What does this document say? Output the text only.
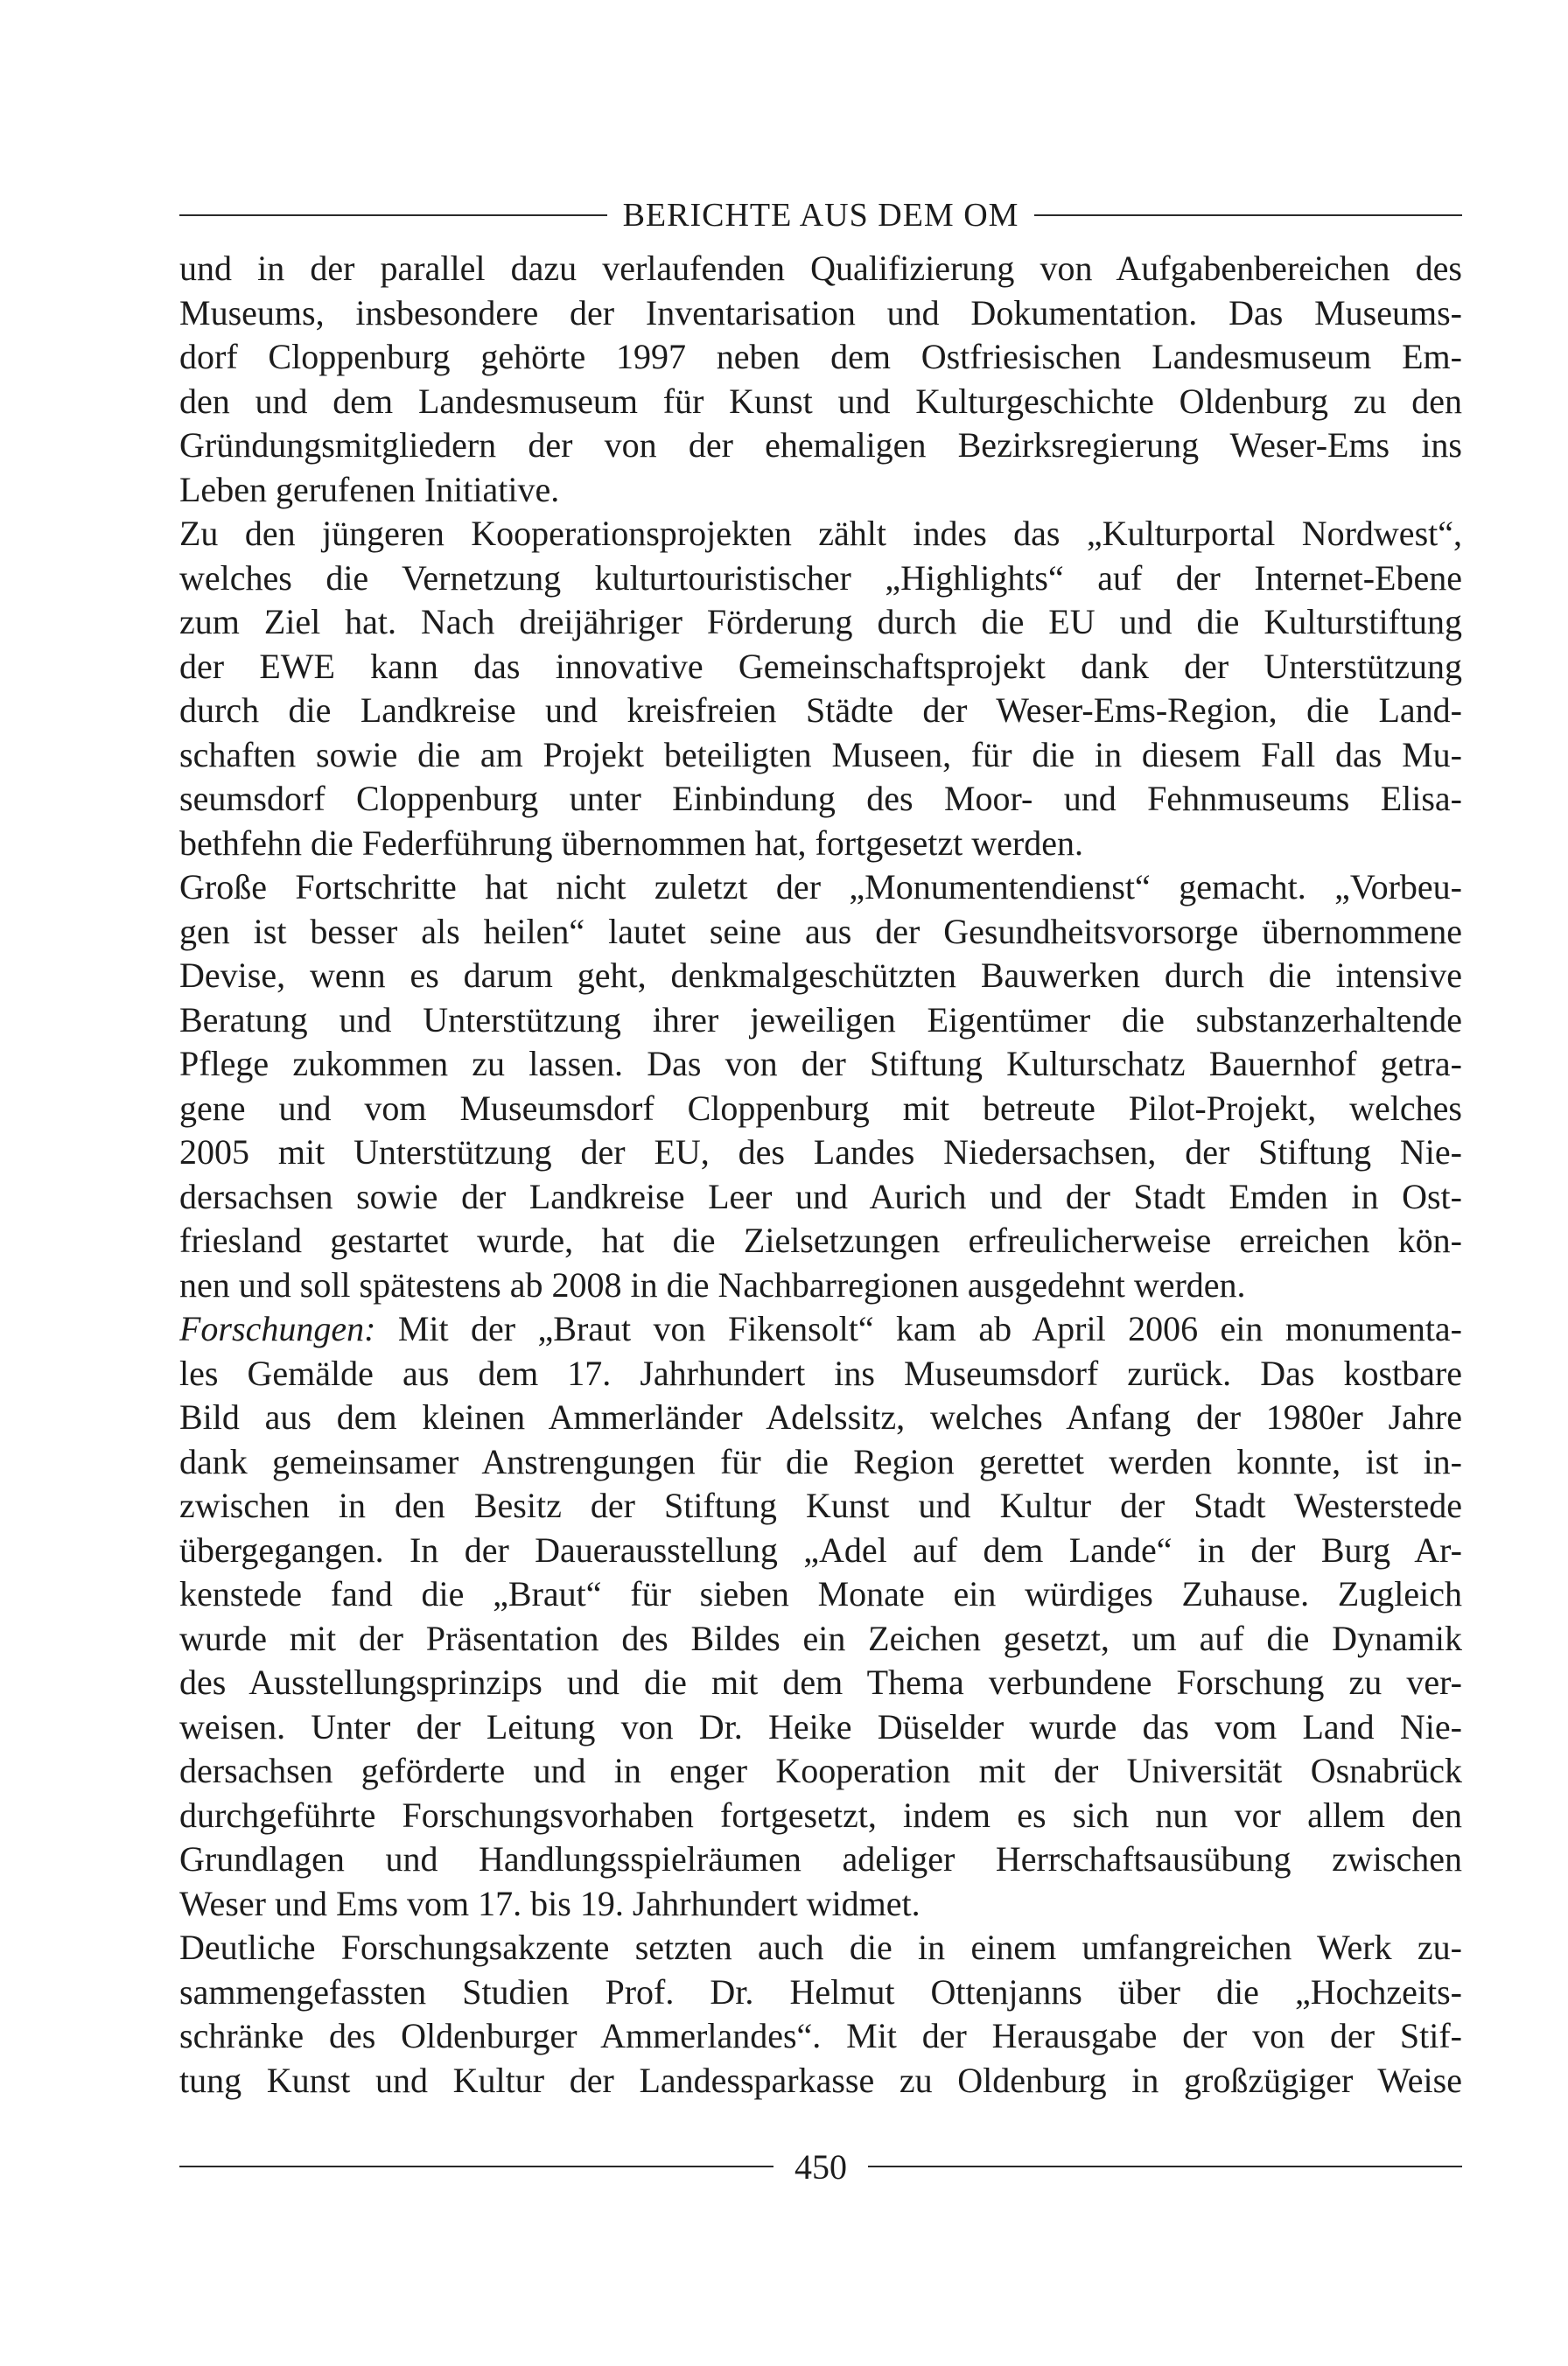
BERICHTE AUS DEM OM
und in der parallel dazu verlaufenden Qualifizierung von Aufgabenbereichen des
Museums, insbesondere der Inventarisation und Dokumentation. Das Museums-
dorf Cloppenburg gehörte 1997 neben dem Ostfriesischen Landesmuseum Em-
den und dem Landesmuseum für Kunst und Kulturgeschichte Oldenburg zu den
Gründungsmitgliedern der von der ehemaligen Bezirksregierung Weser-Ems ins
Leben gerufenen Initiative.
Zu den jüngeren Kooperationsprojekten zählt indes das „Kulturportal Nordwest“,
welches die Vernetzung kulturtouristischer „Highlights“ auf der Internet-Ebene
zum Ziel hat. Nach dreijähriger Förderung durch die EU und die Kulturstiftung
der EWE kann das innovative Gemeinschaftsprojekt dank der Unterstützung
durch die Landkreise und kreisfreien Städte der Weser-Ems-Region, die Land-
schaften sowie die am Projekt beteiligten Museen, für die in diesem Fall das Mu-
seumsdorf Cloppenburg unter Einbindung des Moor- und Fehnmuseums Elisa-
bethfehn die Federführung übernommen hat, fortgesetzt werden.
Große Fortschritte hat nicht zuletzt der „Monumentendienst“ gemacht. „Vorbeu-
gen ist besser als heilen“ lautet seine aus der Gesundheitsvorsorge übernommene
Devise, wenn es darum geht, denkmalgeschützten Bauwerken durch die intensive
Beratung und Unterstützung ihrer jeweiligen Eigentümer die substanzerhaltende
Pflege zukommen zu lassen. Das von der Stiftung Kulturschatz Bauernhof getra-
gene und vom Museumsdorf Cloppenburg mit betreute Pilot-Projekt, welches
2005 mit Unterstützung der EU, des Landes Niedersachsen, der Stiftung Nie-
dersachsen sowie der Landkreise Leer und Aurich und der Stadt Emden in Ost-
friesland gestartet wurde, hat die Zielsetzungen erfreulicherweise erreichen kön-
nen und soll spätestens ab 2008 in die Nachbarregionen ausgedehnt werden.
Forschungen: Mit der „Braut von Fikensolt“ kam ab April 2006 ein monumenta-
les Gemälde aus dem 17. Jahrhundert ins Museumsdorf zurück. Das kostbare
Bild aus dem kleinen Ammerländer Adelssitz, welches Anfang der 1980er Jahre
dank gemeinsamer Anstrengungen für die Region gerettet werden konnte, ist in-
zwischen in den Besitz der Stiftung Kunst und Kultur der Stadt Westerstede
übergegangen. In der Dauerausstellung „Adel auf dem Lande“ in der Burg Ar-
kenstede fand die „Braut“ für sieben Monate ein würdiges Zuhause. Zugleich
wurde mit der Präsentation des Bildes ein Zeichen gesetzt, um auf die Dynamik
des Ausstellungsprinzips und die mit dem Thema verbundene Forschung zu ver-
weisen. Unter der Leitung von Dr. Heike Düselder wurde das vom Land Nie-
dersachsen geförderte und in enger Kooperation mit der Universität Osnabrück
durchgeführte Forschungsvorhaben fortgesetzt, indem es sich nun vor allem den
Grundlagen und Handlungsspielräumen adeliger Herrschaftsausübung zwischen
Weser und Ems vom 17. bis 19. Jahrhundert widmet.
Deutliche Forschungsakzente setzten auch die in einem umfangreichen Werk zu-
sammengefassten Studien Prof. Dr. Helmut Ottenjanns über die „Hochzeits-
schränke des Oldenburger Ammerlandes“. Mit der Herausgabe der von der Stif-
tung Kunst und Kultur der Landessparkasse zu Oldenburg in großzügiger Weise
450
